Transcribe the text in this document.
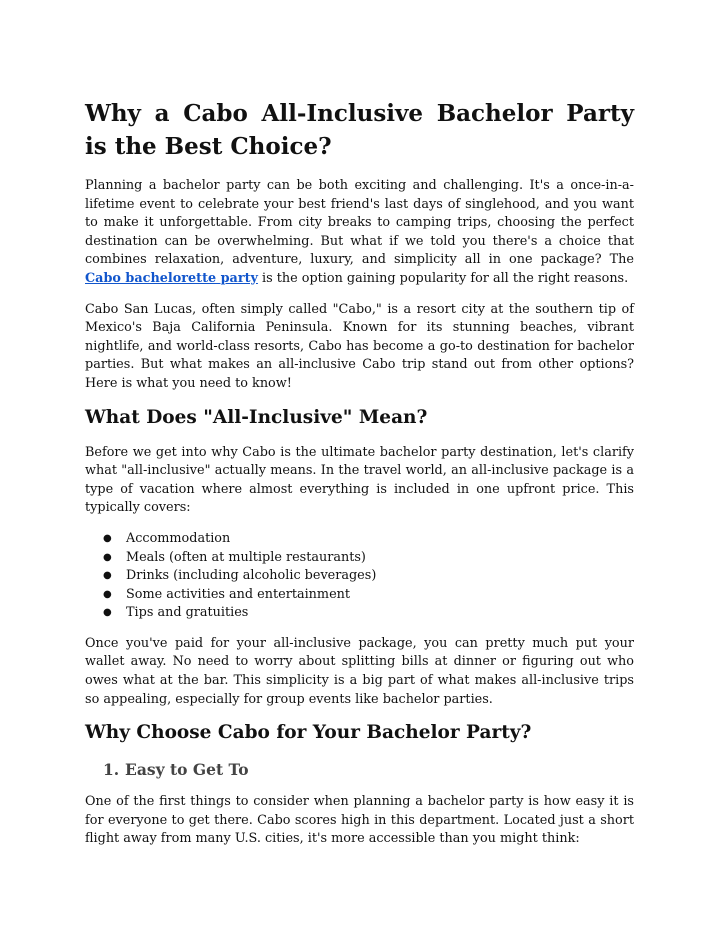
Why a Cabo All-Inclusive Bachelor Party is the Best Choice?

Planning a bachelor party can be both exciting and challenging. It's a once-in-a-lifetime event to celebrate your best friend's last days of singlehood, and you want to make it unforgettable. From city breaks to camping trips, choosing the perfect destination can be overwhelming. But what if we told you there's a choice that combines relaxation, adventure, luxury, and simplicity all in one package? The Cabo bachelorette party is the option gaining popularity for all the right reasons.

Cabo San Lucas, often simply called "Cabo," is a resort city at the southern tip of Mexico's Baja California Peninsula. Known for its stunning beaches, vibrant nightlife, and world-class resorts, Cabo has become a go-to destination for bachelor parties. But what makes an all-inclusive Cabo trip stand out from other options? Here is what you need to know!

What Does "All-Inclusive" Mean?

Before we get into why Cabo is the ultimate bachelor party destination, let's clarify what "all-inclusive" actually means. In the travel world, an all-inclusive package is a type of vacation where almost everything is included in one upfront price. This typically covers:

● Accommodation
● Meals (often at multiple restaurants)
● Drinks (including alcoholic beverages)
● Some activities and entertainment
● Tips and gratuities

Once you've paid for your all-inclusive package, you can pretty much put your wallet away. No need to worry about splitting bills at dinner or figuring out who owes what at the bar. This simplicity is a big part of what makes all-inclusive trips so appealing, especially for group events like bachelor parties.

Why Choose Cabo for Your Bachelor Party?
1. Easy to Get To

One of the first things to consider when planning a bachelor party is how easy it is for everyone to get there. Cabo scores high in this department. Located just a short flight away from many U.S. cities, it's more accessible than you might think:
